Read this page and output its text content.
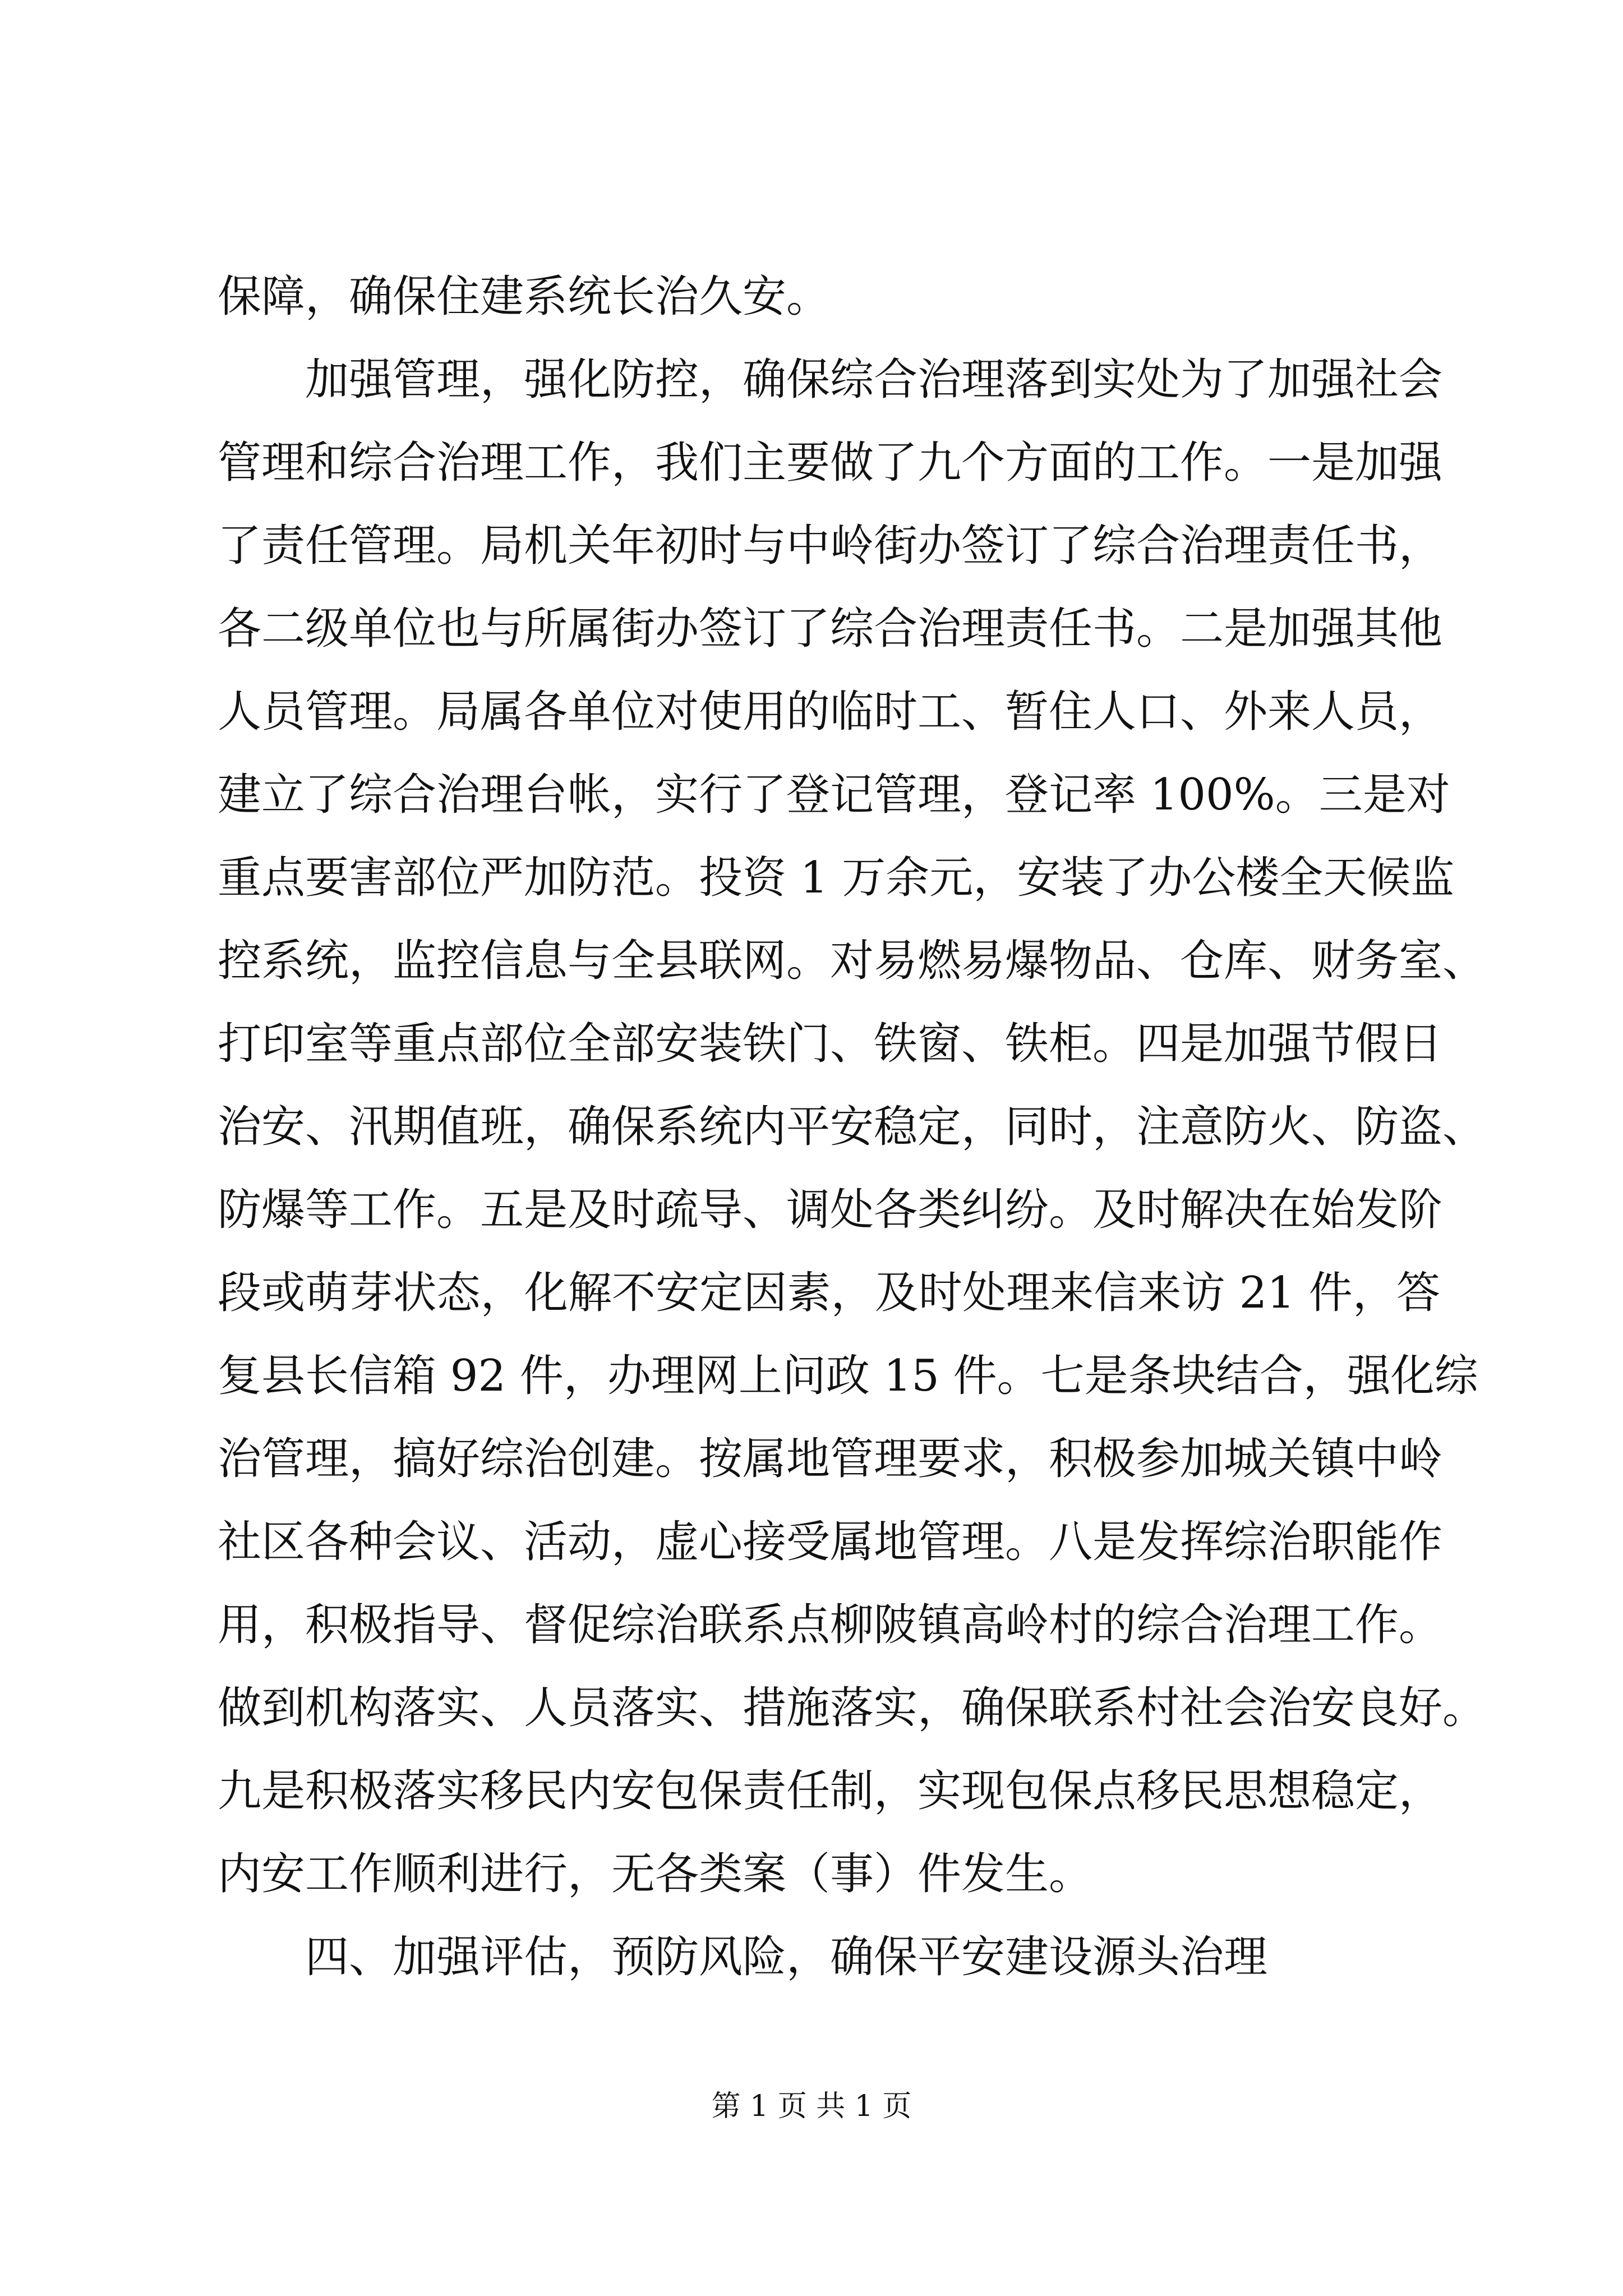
保障，确保住建系统长治久安。
加强管理，强化防控，确保综合治理落到实处为了加强社会
管理和综合治理工作，我们主要做了九个方面的工作。一是加强
了责任管理。局机关年初时与中岭街办签订了综合治理责任书，
各二级单位也与所属街办签订了综合治理责任书。二是加强其他
人员管理。局属各单位对使用的临时工、暂住人口、外来人员，
建立了综合治理台帐，实行了登记管理，登记率 100%。三是对
重点要害部位严加防范。投资 1 万余元，安装了办公楼全天候监
控系统，监控信息与全县联网。对易燃易爆物品、仓库、财务室、
打印室等重点部位全部安装铁门、铁窗、铁柜。四是加强节假日
治安、汛期值班，确保系统内平安稳定，同时，注意防火、防盗、
防爆等工作。五是及时疏导、调处各类纠纷。及时解决在始发阶
段或萌芽状态，化解不安定因素，及时处理来信来访 21 件，答
复县长信箱 92 件，办理网上问政 15 件。七是条块结合，强化综
治管理，搞好综治创建。按属地管理要求，积极参加城关镇中岭
社区各种会议、活动，虚心接受属地管理。八是发挥综治职能作
用，积极指导、督促综治联系点柳陂镇高岭村的综合治理工作。
做到机构落实、人员落实、措施落实，确保联系村社会治安良好。
九是积极落实移民内安包保责任制，实现包保点移民思想稳定，
内安工作顺利进行，无各类案（事）件发生。
四、加强评估，预防风险，确保平安建设源头治理
第 1 页 共 1 页
